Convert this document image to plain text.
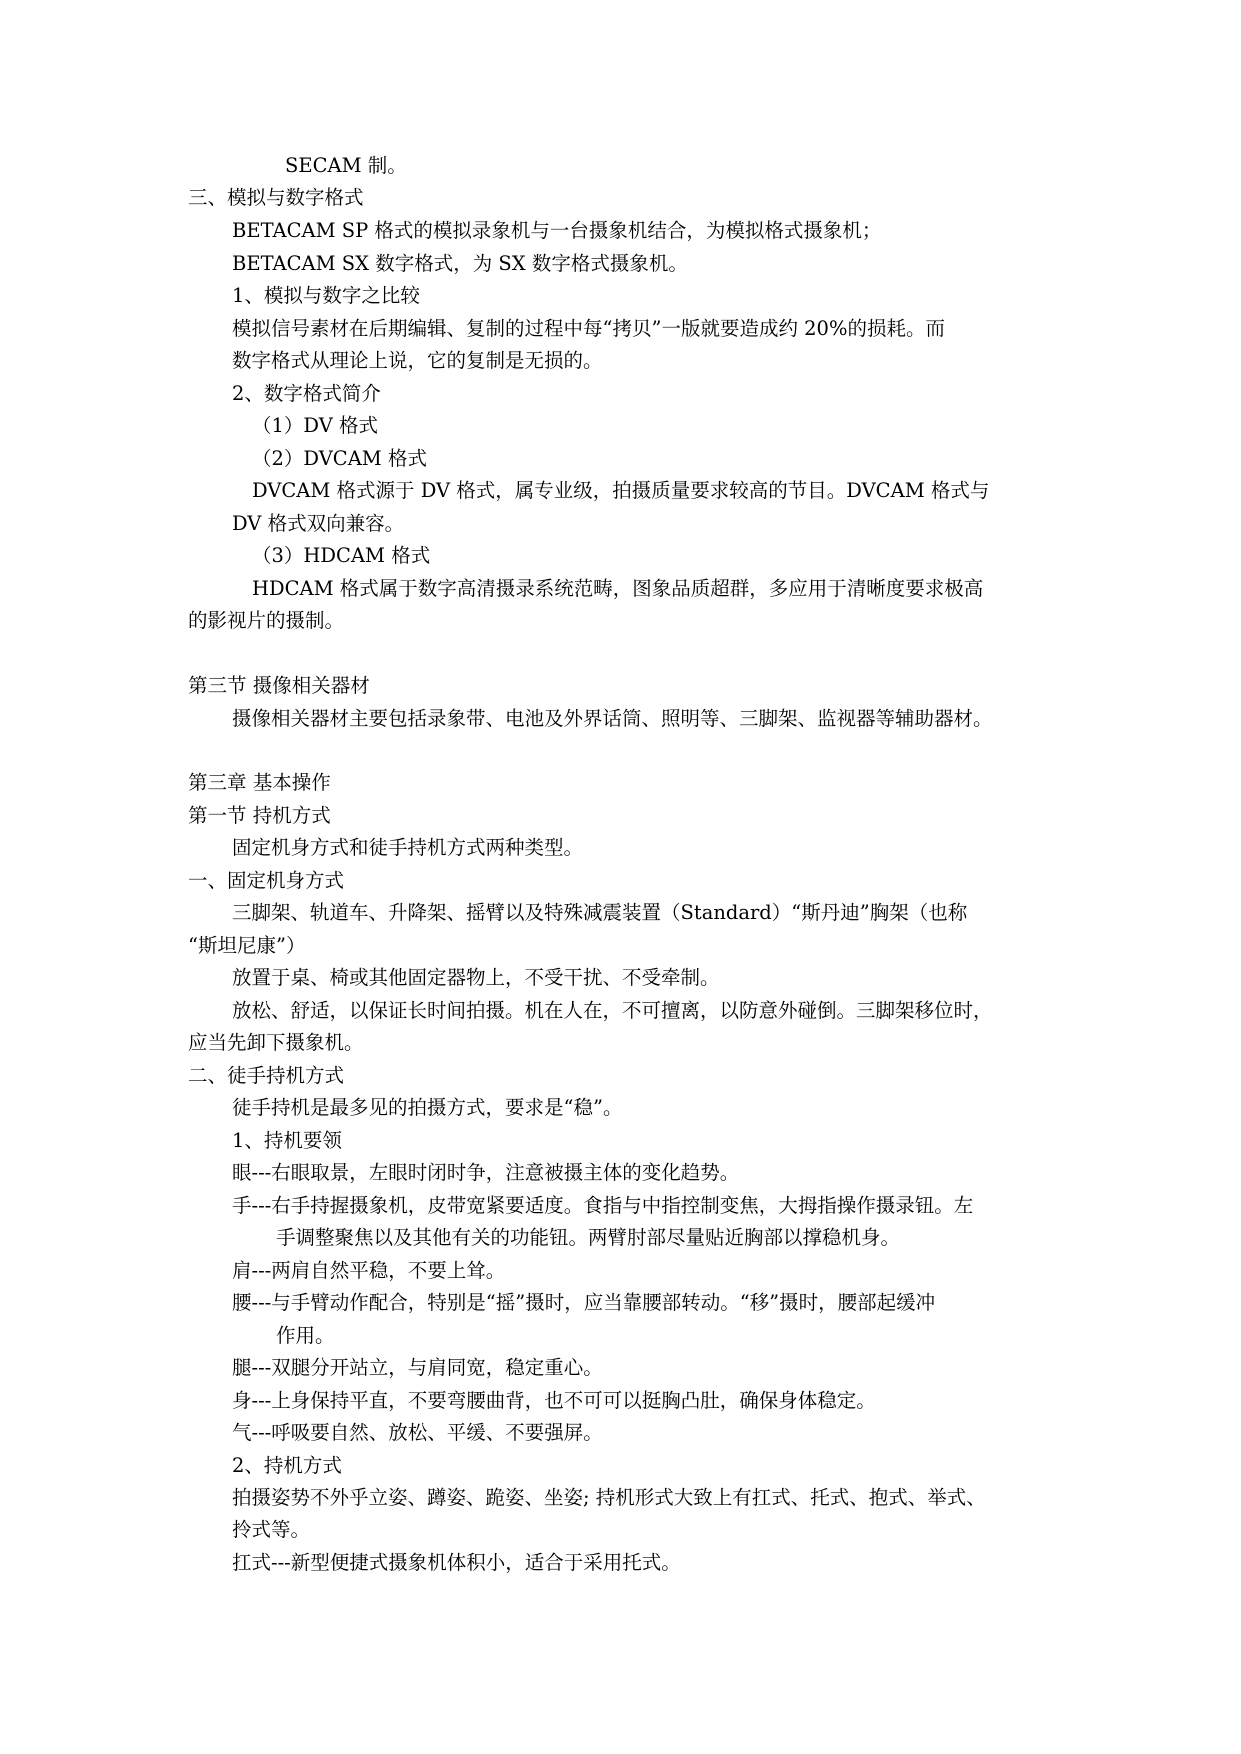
SECAM 制。
三、模拟与数字格式
BETACAM SP 格式的模拟录象机与一台摄象机结合，为模拟格式摄象机；
BETACAM SX 数字格式，为 SX 数字格式摄象机。
1、模拟与数字之比较
模拟信号素材在后期编辑、复制的过程中每“拷贝”一版就要造成约 20%的损耗。而
数字格式从理论上说，它的复制是无损的。
2、数字格式简介
（1）DV 格式
（2）DVCAM 格式
DVCAM 格式源于 DV 格式，属专业级，拍摄质量要求较高的节目。DVCAM 格式与
DV 格式双向兼容。
（3）HDCAM 格式
HDCAM 格式属于数字高清摄录系统范畴，图象品质超群，多应用于清晰度要求极高
的影视片的摄制。
第三节 摄像相关器材
摄像相关器材主要包括录象带、电池及外界话筒、照明等、三脚架、监视器等辅助器材。
第三章 基本操作
第一节 持机方式
固定机身方式和徒手持机方式两种类型。
一、固定机身方式
三脚架、轨道车、升降架、摇臂以及特殊减震装置（Standard）“斯丹迪”胸架（也称
“斯坦尼康”）
放置于桌、椅或其他固定器物上，不受干扰、不受牵制。
放松、舒适，以保证长时间拍摄。机在人在，不可擅离，以防意外碰倒。三脚架移位时，
应当先卸下摄象机。
二、徒手持机方式
徒手持机是最多见的拍摄方式，要求是“稳”。
1、持机要领
眼---右眼取景，左眼时闭时争，注意被摄主体的变化趋势。
手---右手持握摄象机，皮带宽紧要适度。食指与中指控制变焦，大拇指操作摄录钮。左
手调整聚焦以及其他有关的功能钮。两臂肘部尽量贴近胸部以撑稳机身。
肩---两肩自然平稳，不要上耸。
腰---与手臂动作配合，特别是“摇”摄时，应当靠腰部转动。“移”摄时，腰部起缓冲
作用。
腿---双腿分开站立，与肩同宽，稳定重心。
身---上身保持平直，不要弯腰曲背，也不可可以挺胸凸肚，确保身体稳定。
气---呼吸要自然、放松、平缓、不要强屏。
2、持机方式
拍摄姿势不外乎立姿、蹲姿、跪姿、坐姿; 持机形式大致上有扛式、托式、抱式、举式、
拎式等。
扛式---新型便捷式摄象机体积小，适合于采用托式。
